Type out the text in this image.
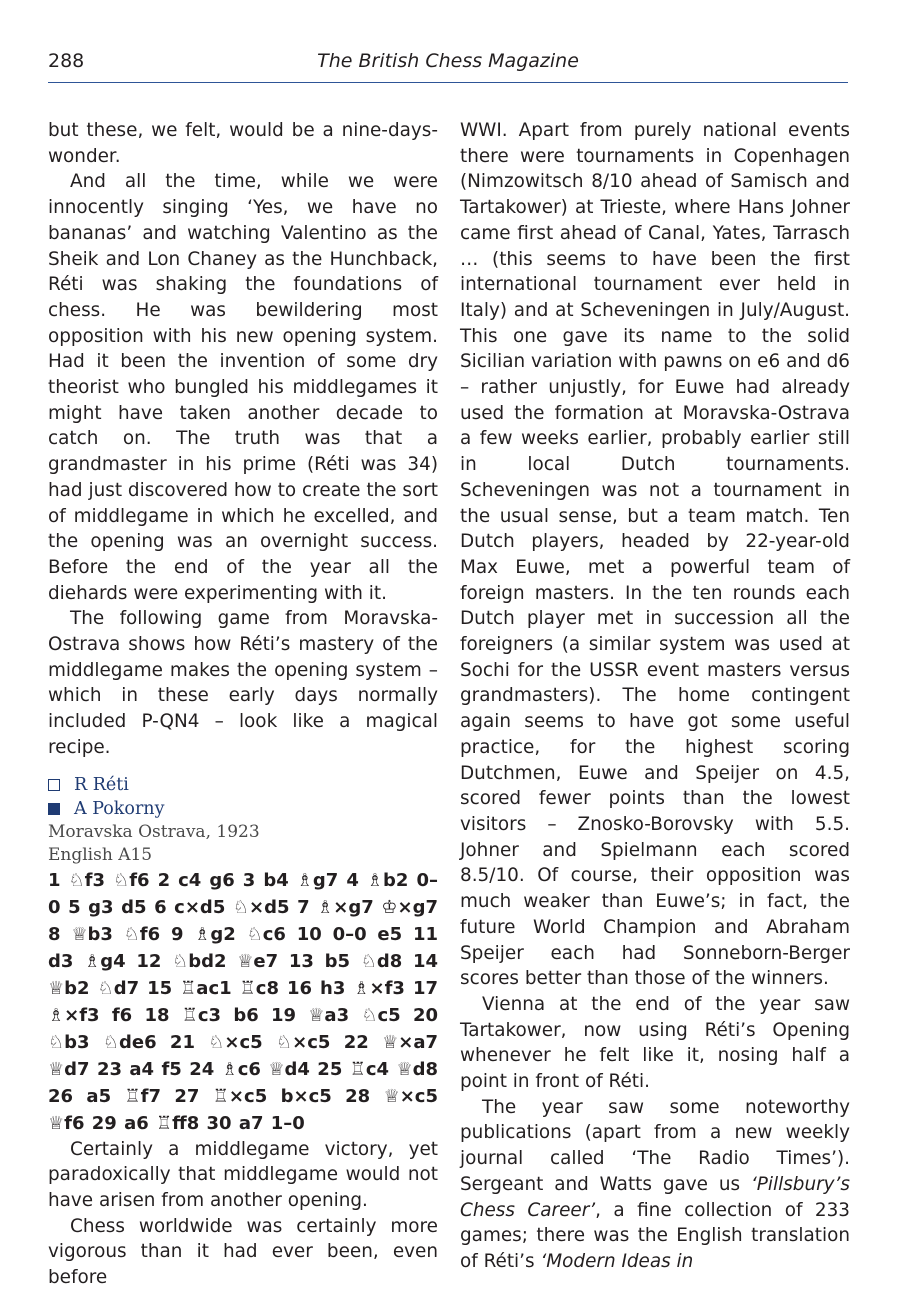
288	The British Chess Magazine

but these, we felt, would be a nine-days-wonder.

And all the time, while we were innocently singing ‘Yes, we have no bananas’ and watching Valentino as the Sheik and Lon Chaney as the Hunchback, Réti was shaking the foundations of chess. He was bewildering most opposition with his new opening system. Had it been the invention of some dry theorist who bungled his middlegames it might have taken another decade to catch on. The truth was that a grandmaster in his prime (Réti was 34) had just discovered how to create the sort of middlegame in which he excelled, and the opening was an overnight success. Before the end of the year all the diehards were experimenting with it.

The following game from Moravska-Ostrava shows how Réti’s mastery of the middlegame makes the opening system – which in these early days normally included P-QN4 – look like a magical recipe.

R Réti
A Pokorny
Moravska Ostrava, 1923
English A15

1 ♘f3 ♘f6 2 c4 g6 3 b4 ♗g7 4 ♗b2 0–0 5 g3 d5 6 c×d5 ♘×d5 7 ♗×g7 ♔×g7 8 ♕b3 ♘f6 9 ♗g2 ♘c6 10 0–0 e5 11 d3 ♗g4 12 ♘bd2 ♕e7 13 b5 ♘d8 14 ♕b2 ♘d7 15 ♖ac1 ♖c8 16 h3 ♗×f3 17 ♗×f3 f6 18 ♖c3 b6 19 ♕a3 ♘c5 20 ♘b3 ♘de6 21 ♘×c5 ♘×c5 22 ♕×a7 ♕d7 23 a4 f5 24 ♗c6 ♕d4 25 ♖c4 ♕d8 26 a5 ♖f7 27 ♖×c5 b×c5 28 ♕×c5 ♕f6 29 a6 ♖ff8 30 a7 1–0

Certainly a middlegame victory, yet paradoxically that middlegame would not have arisen from another opening.

Chess worldwide was certainly more vigorous than it had ever been, even before

WWI. Apart from purely national events there were tournaments in Copenhagen (Nimzowitsch 8/10 ahead of Samisch and Tartakower) at Trieste, where Hans Johner came first ahead of Canal, Yates, Tarrasch … (this seems to have been the first international tournament ever held in Italy) and at Scheveningen in July/August. This one gave its name to the solid Sicilian variation with pawns on e6 and d6 – rather unjustly, for Euwe had already used the formation at Moravska-Ostrava a few weeks earlier, probably earlier still in local Dutch tournaments. Scheveningen was not a tournament in the usual sense, but a team match. Ten Dutch players, headed by 22-year-old Max Euwe, met a powerful team of foreign masters. In the ten rounds each Dutch player met in succession all the foreigners (a similar system was used at Sochi for the USSR event masters versus grandmasters). The home contingent again seems to have got some useful practice, for the highest scoring Dutchmen, Euwe and Speijer on 4.5, scored fewer points than the lowest visitors – Znosko-Borovsky with 5.5. Johner and Spielmann each scored 8.5/10. Of course, their opposition was much weaker than Euwe’s; in fact, the future World Champion and Abraham Speijer each had Sonneborn-Berger scores better than those of the winners.

Vienna at the end of the year saw Tartakower, now using Réti’s Opening whenever he felt like it, nosing half a point in front of Réti.

The year saw some noteworthy publications (apart from a new weekly journal called ‘The Radio Times’). Sergeant and Watts gave us ‘Pillsbury’s Chess Career’, a fine collection of 233 games; there was the English translation of Réti’s ‘Modern Ideas in
